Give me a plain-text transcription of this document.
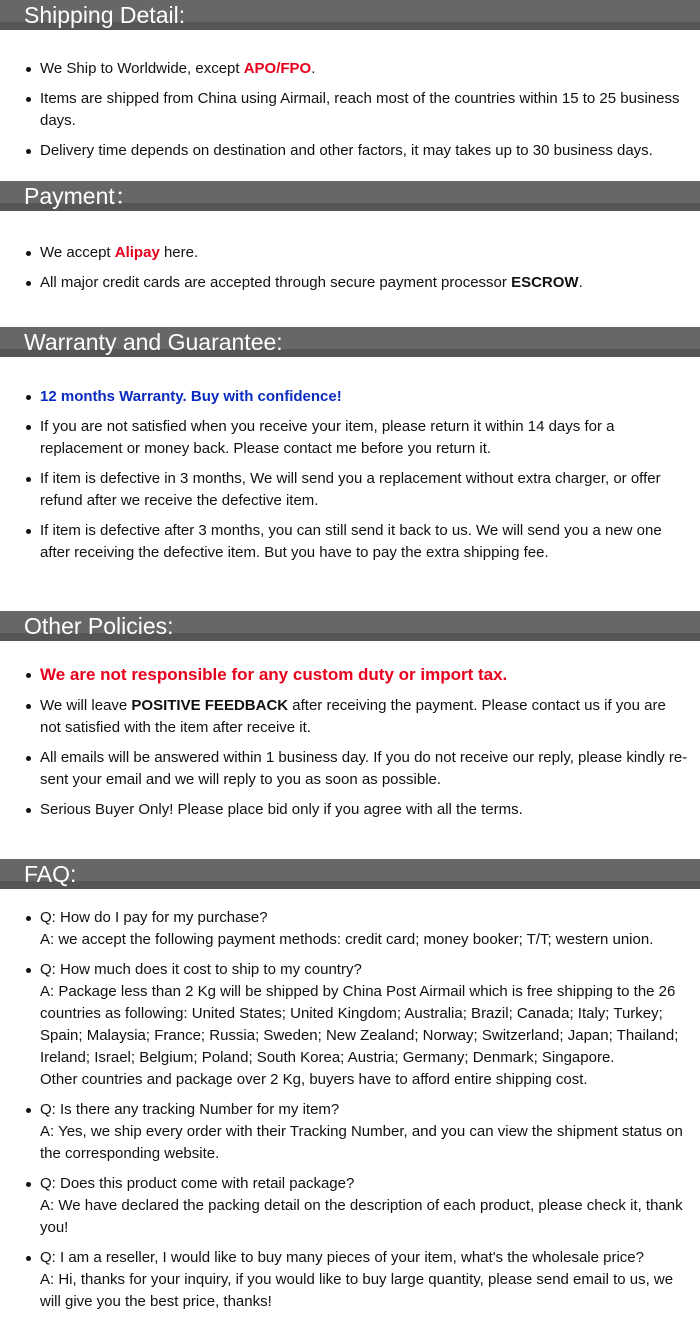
Shipping Detail:
We Ship to Worldwide, except APO/FPO.
Items are shipped from China using Airmail, reach most of the countries within 15 to 25 business days.
Delivery time depends on destination and other factors, it may takes up to 30 business days.
Payment：
We accept Alipay here.
All major credit cards are accepted through secure payment processor ESCROW.
Warranty and Guarantee:
12 months Warranty. Buy with confidence!
If you are not satisfied when you receive your item, please return it within 14 days for a replacement or money back. Please contact me before you return it.
If item is defective in 3 months, We will send you a replacement without extra charger, or offer refund after we receive the defective item.
If item is defective after 3 months, you can still send it back to us. We will send you a new one after receiving the defective item. But you have to pay the extra shipping fee.
Other Policies:
We are not responsible for any custom duty or import tax.
We will leave POSITIVE FEEDBACK after receiving the payment. Please contact us if you are not satisfied with the item after receive it.
All emails will be answered within 1 business day. If you do not receive our reply, please kindly re-sent your email and we will reply to you as soon as possible.
Serious Buyer Only! Please place bid only if you agree with all the terms.
FAQ:
Q: How do I pay for my purchase?
A: we accept the following payment methods: credit card; money booker; T/T; western union.
Q: How much does it cost to ship to my country?
A: Package less than 2 Kg will be shipped by China Post Airmail which is free shipping to the 26 countries as following: United States; United Kingdom; Australia; Brazil; Canada; Italy; Turkey; Spain; Malaysia; France; Russia; Sweden; New Zealand; Norway; Switzerland; Japan; Thailand; Ireland; Israel; Belgium; Poland; South Korea; Austria; Germany; Denmark; Singapore.
Other countries and package over 2 Kg, buyers have to afford entire shipping cost.
Q: Is there any tracking Number for my item?
A: Yes, we ship every order with their Tracking Number, and you can view the shipment status on the corresponding website.
Q: Does this product come with retail package?
A: We have declared the packing detail on the description of each product, please check it, thank you!
Q: I am a reseller, I would like to buy many pieces of your item, what's the wholesale price?
A: Hi, thanks for your inquiry, if you would like to buy large quantity, please send email to us, we will give you the best price, thanks!
